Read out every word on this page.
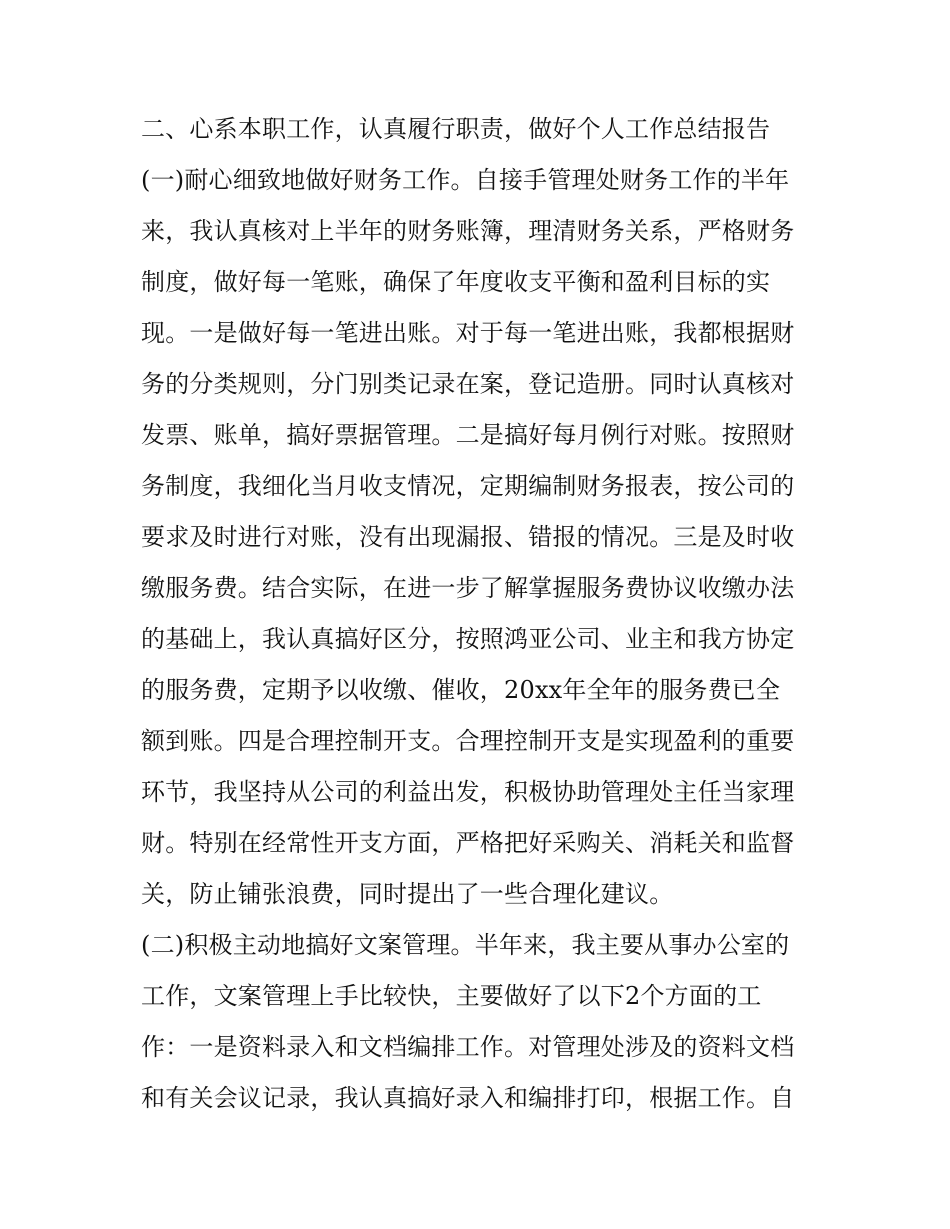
二、心系本职工作，认真履行职责，做好个人工作总结报告
(一)耐心细致地做好财务工作。自接手管理处财务工作的半年
来，我认真核对上半年的财务账簿，理清财务关系，严格财务
制度，做好每一笔账，确保了年度收支平衡和盈利目标的实
现。一是做好每一笔进出账。对于每一笔进出账，我都根据财
务的分类规则，分门别类记录在案，登记造册。同时认真核对
发票、账单，搞好票据管理。二是搞好每月例行对账。按照财
务制度，我细化当月收支情况，定期编制财务报表，按公司的
要求及时进行对账，没有出现漏报、错报的情况。三是及时收
缴服务费。结合实际，在进一步了解掌握服务费协议收缴办法
的基础上，我认真搞好区分，按照鸿亚公司、业主和我方协定
的服务费，定期予以收缴、催收，20xx年全年的服务费已全
额到账。四是合理控制开支。合理控制开支是实现盈利的重要
环节，我坚持从公司的利益出发，积极协助管理处主任当家理
财。特别在经常性开支方面，严格把好采购关、消耗关和监督
关，防止铺张浪费，同时提出了一些合理化建议。
(二)积极主动地搞好文案管理。半年来，我主要从事办公室的
工作，文案管理上手比较快，主要做好了以下2个方面的工
作：一是资料录入和文档编排工作。对管理处涉及的资料文档
和有关会议记录，我认真搞好录入和编排打印，根据工作。自
